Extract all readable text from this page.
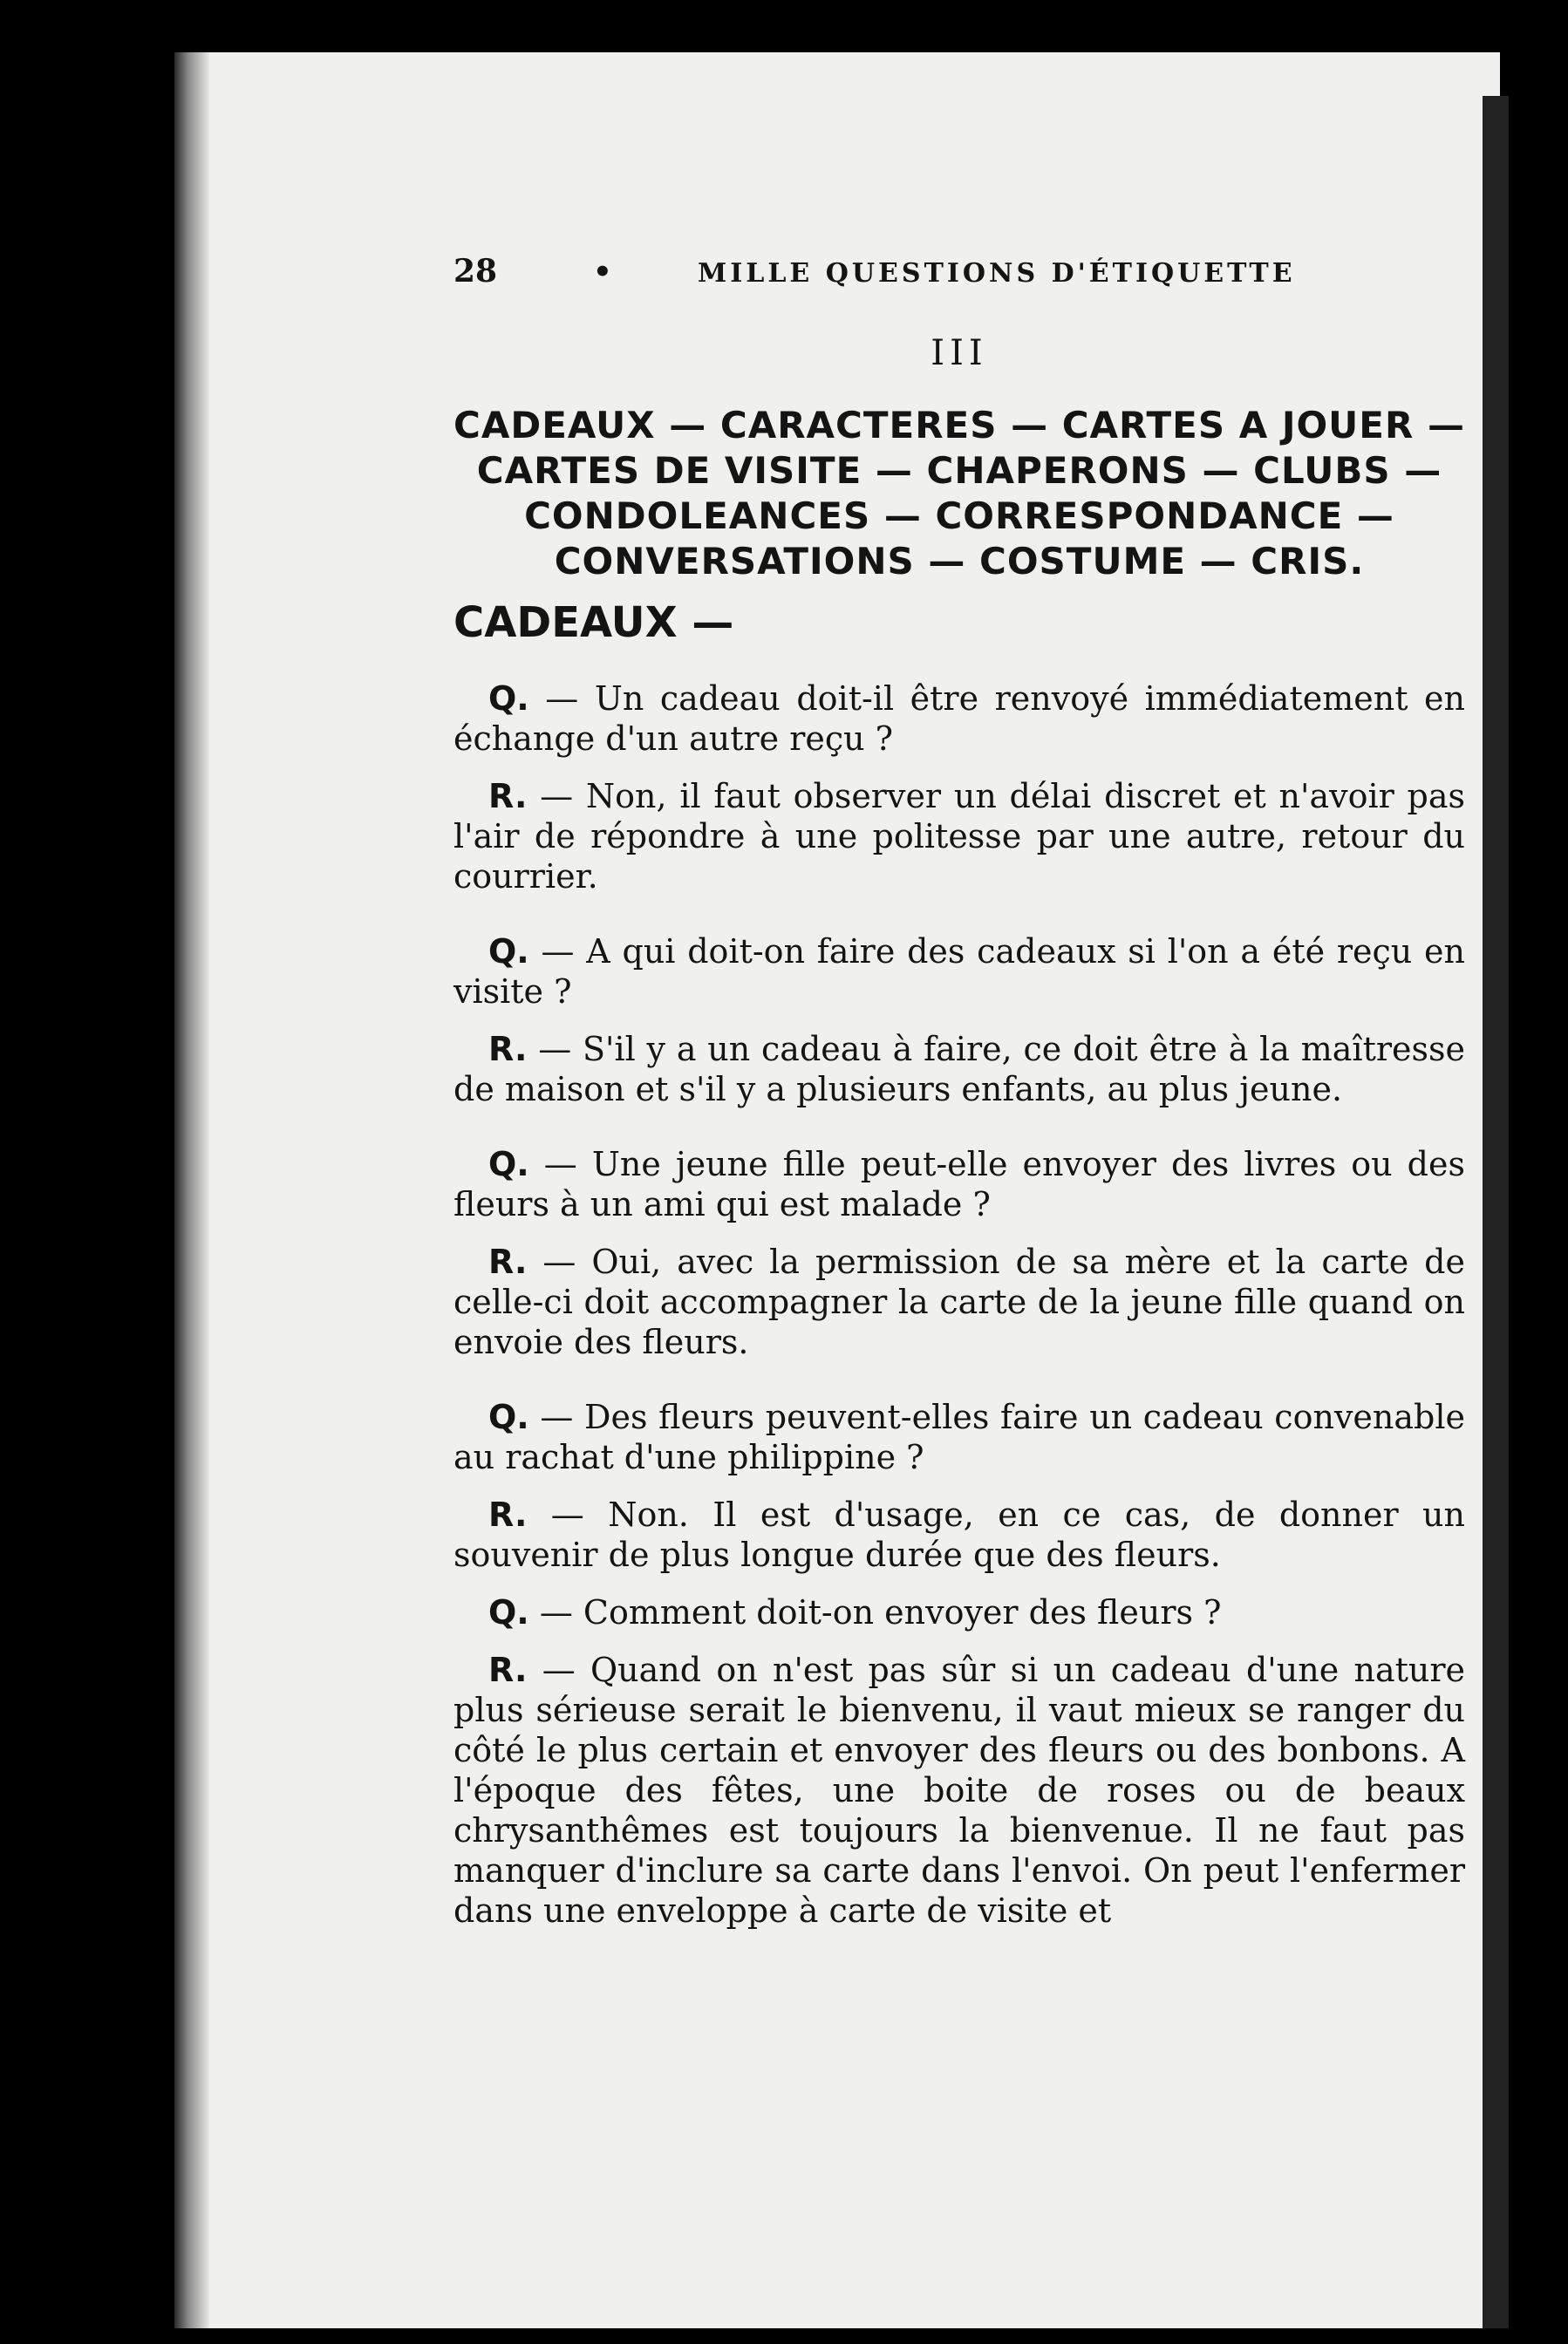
28	•	MILLE QUESTIONS D'ÉTIQUETTE
III
CADEAUX — CARACTERES — CARTES A JOUER —
CARTES DE VISITE — CHAPERONS — CLUBS —
CONDOLEANCES — CORRESPONDANCE —
CONVERSATIONS — COSTUME — CRIS.
CADEAUX —

Q. — Un cadeau doit-il être renvoyé immédiatement en échange d'un autre reçu ?

R. — Non, il faut observer un délai discret et n'avoir pas l'air de répondre à une politesse par une autre, retour du courrier.

Q. — A qui doit-on faire des cadeaux si l'on a été reçu en visite ?

R. — S'il y a un cadeau à faire, ce doit être à la maîtresse de maison et s'il y a plusieurs enfants, au plus jeune.

Q. — Une jeune fille peut-elle envoyer des livres ou des fleurs à un ami qui est malade ?

R. — Oui, avec la permission de sa mère et la carte de celle-ci doit accompagner la carte de la jeune fille quand on envoie des fleurs.

Q. — Des fleurs peuvent-elles faire un cadeau convenable au rachat d'une philippine ?

R. — Non. Il est d'usage, en ce cas, de donner un souvenir de plus longue durée que des fleurs.

Q. — Comment doit-on envoyer des fleurs ?

R. — Quand on n'est pas sûr si un cadeau d'une nature plus sérieuse serait le bienvenu, il vaut mieux se ranger du côté le plus certain et envoyer des fleurs ou des bonbons. A l'époque des fêtes, une boite de roses ou de beaux chrysanthêmes est toujours la bienvenue. Il ne faut pas manquer d'inclure sa carte dans l'envoi. On peut l'enfermer dans une enveloppe à carte de visite et
